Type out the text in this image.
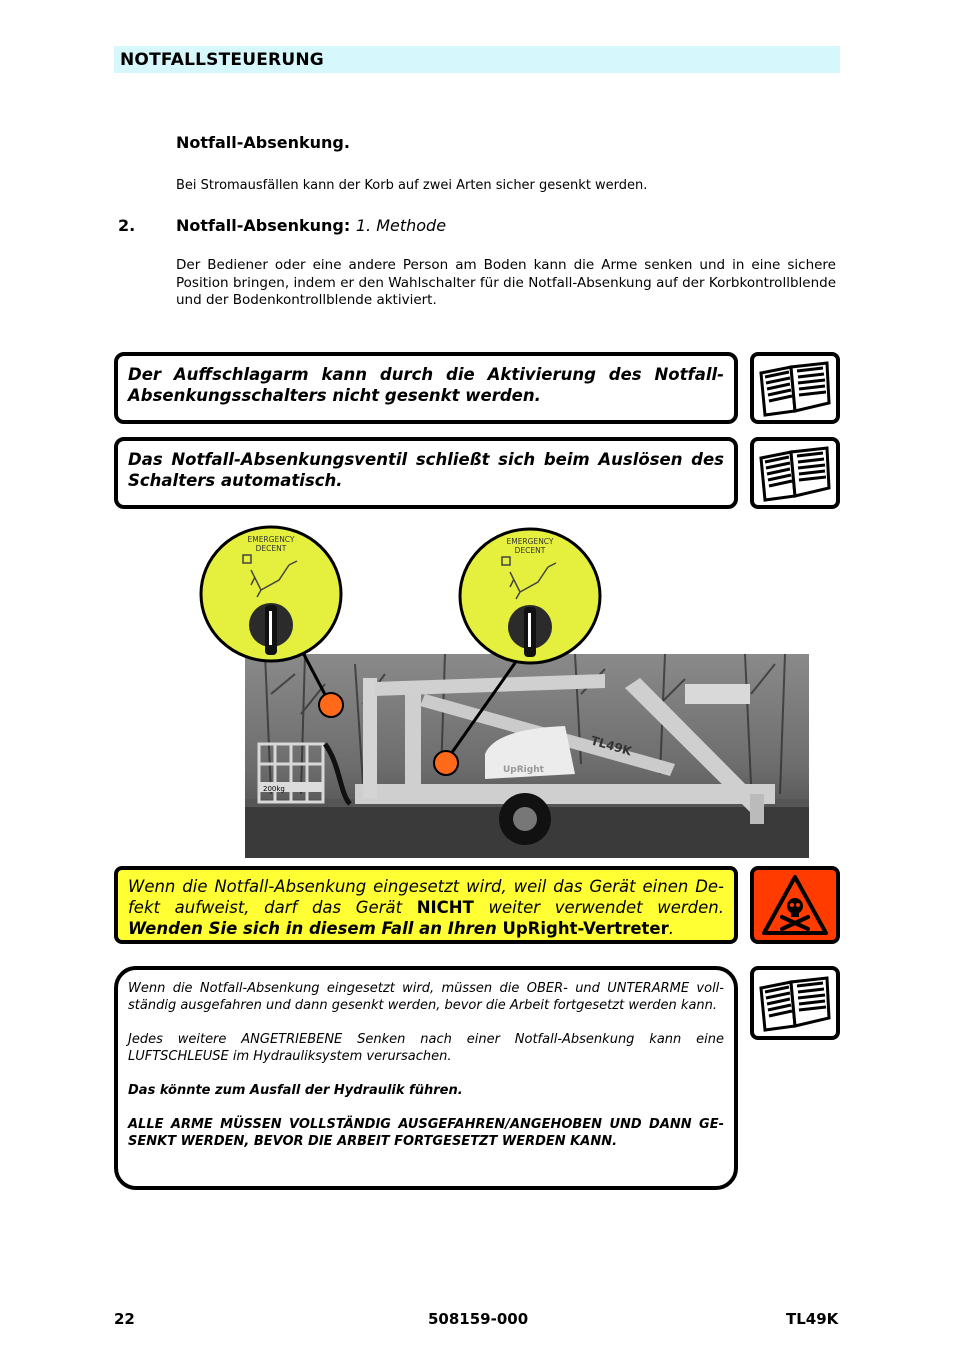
NOTFALLSTEUERUNG
Notfall-Absenkung.
Bei Stromausfällen kann der Korb auf zwei Arten sicher gesenkt werden.
2.	Notfall-Absenkung: 1. Methode
Der Bediener oder eine andere Person am Boden kann die Arme senken und in eine sichere Position bringen, indem er den Wahlschalter für die Notfall-Absenkung auf der Korbkontrollblende und der Bodenkontrollblende aktiviert.
Der Auffschlagarm kann durch die Aktivierung des Notfall-Absenkungsschalters nicht gesenkt werden.
Das Notfall-Absenkungsventil schließt sich beim Auslösen des Schalters automatisch.
200kg
UpRight
TL49K
EMERGENCY
DECENT
EMERGENCY
DECENT
Wenn die Notfall-Absenkung eingesetzt wird, weil das Gerät einen De-fekt aufweist, darf das Gerät NICHT weiter verwendet werden. Wenden Sie sich in diesem Fall an Ihren UpRight-Vertreter.

Wenn die Notfall-Absenkung eingesetzt wird, müssen die OBER- und UNTERARME voll-ständig ausgefahren und dann gesenkt werden, bevor die Arbeit fortgesetzt werden kann.

Jedes weitere ANGETRIEBENE Senken nach einer Notfall-Absenkung kann eine LUFTSCHLEUSE im Hydrauliksystem verursachen.

Das könnte zum Ausfall der Hydraulik führen.

ALLE ARME MÜSSEN VOLLSTÄNDIG AUSGEFAHREN/ANGEHOBEN UND DANN GE-SENKT WERDEN, BEVOR DIE ARBEIT FORTGESETZT WERDEN KANN.

22	508159-000	TL49K
